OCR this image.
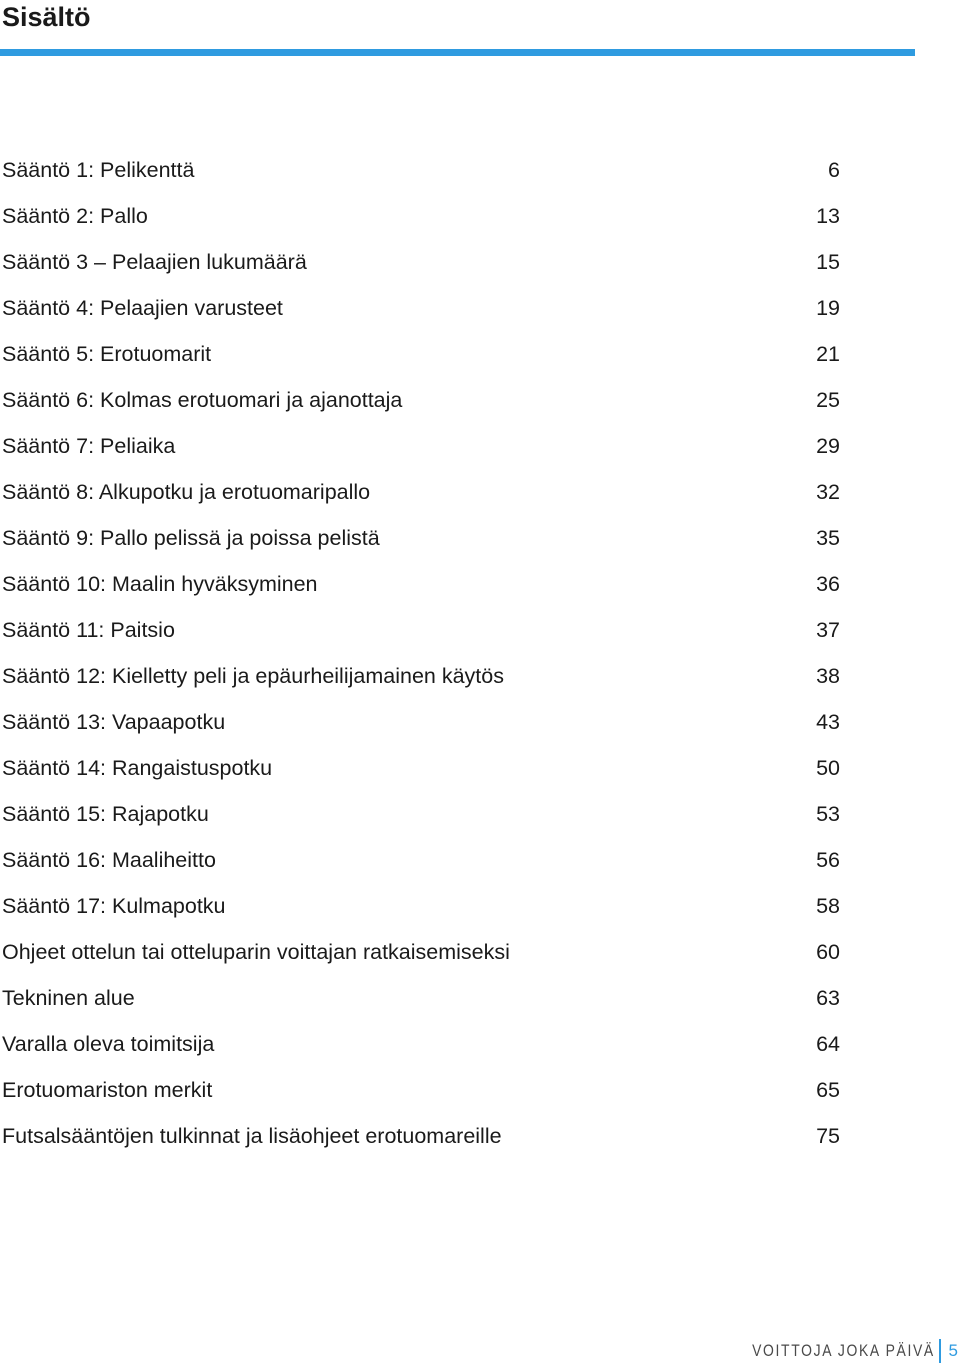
Sisältö
Sääntö 1: Pelikenttä .....	6
Sääntö 2: Pallo .....	13
Sääntö 3 – Pelaajien lukumäärä .....	15
Sääntö 4: Pelaajien varusteet .....	19
Sääntö 5: Erotuomarit .....	21
Sääntö 6: Kolmas erotuomari ja ajanottaja .....	25
Sääntö 7: Peliaika .....	29
Sääntö 8: Alkupotku ja erotuomaripallo .....	32
Sääntö 9: Pallo pelissä ja poissa pelistä .....	35
Sääntö 10: Maalin hyväksyminen .....	36
Sääntö 11: Paitsio .....	37
Sääntö 12: Kielletty peli ja epäurheilijamainen käytös .....	38
Sääntö 13: Vapaapotku .....	43
Sääntö 14: Rangaistuspotku .....	50
Sääntö 15: Rajapotku .....	53
Sääntö 16: Maaliheitto .....	56
Sääntö 17: Kulmapotku .....	58
Ohjeet ottelun tai otteluparin voittajan ratkaisemiseksi .....	60
Tekninen alue .....	63
Varalla oleva toimitsija .....	64
Erotuomariston merkit .....	65
Futsalsääntöjen tulkinnat ja lisäohjeet erotuomareille .....	75
VOITTOJA JOKA PÄIVÄ 5
